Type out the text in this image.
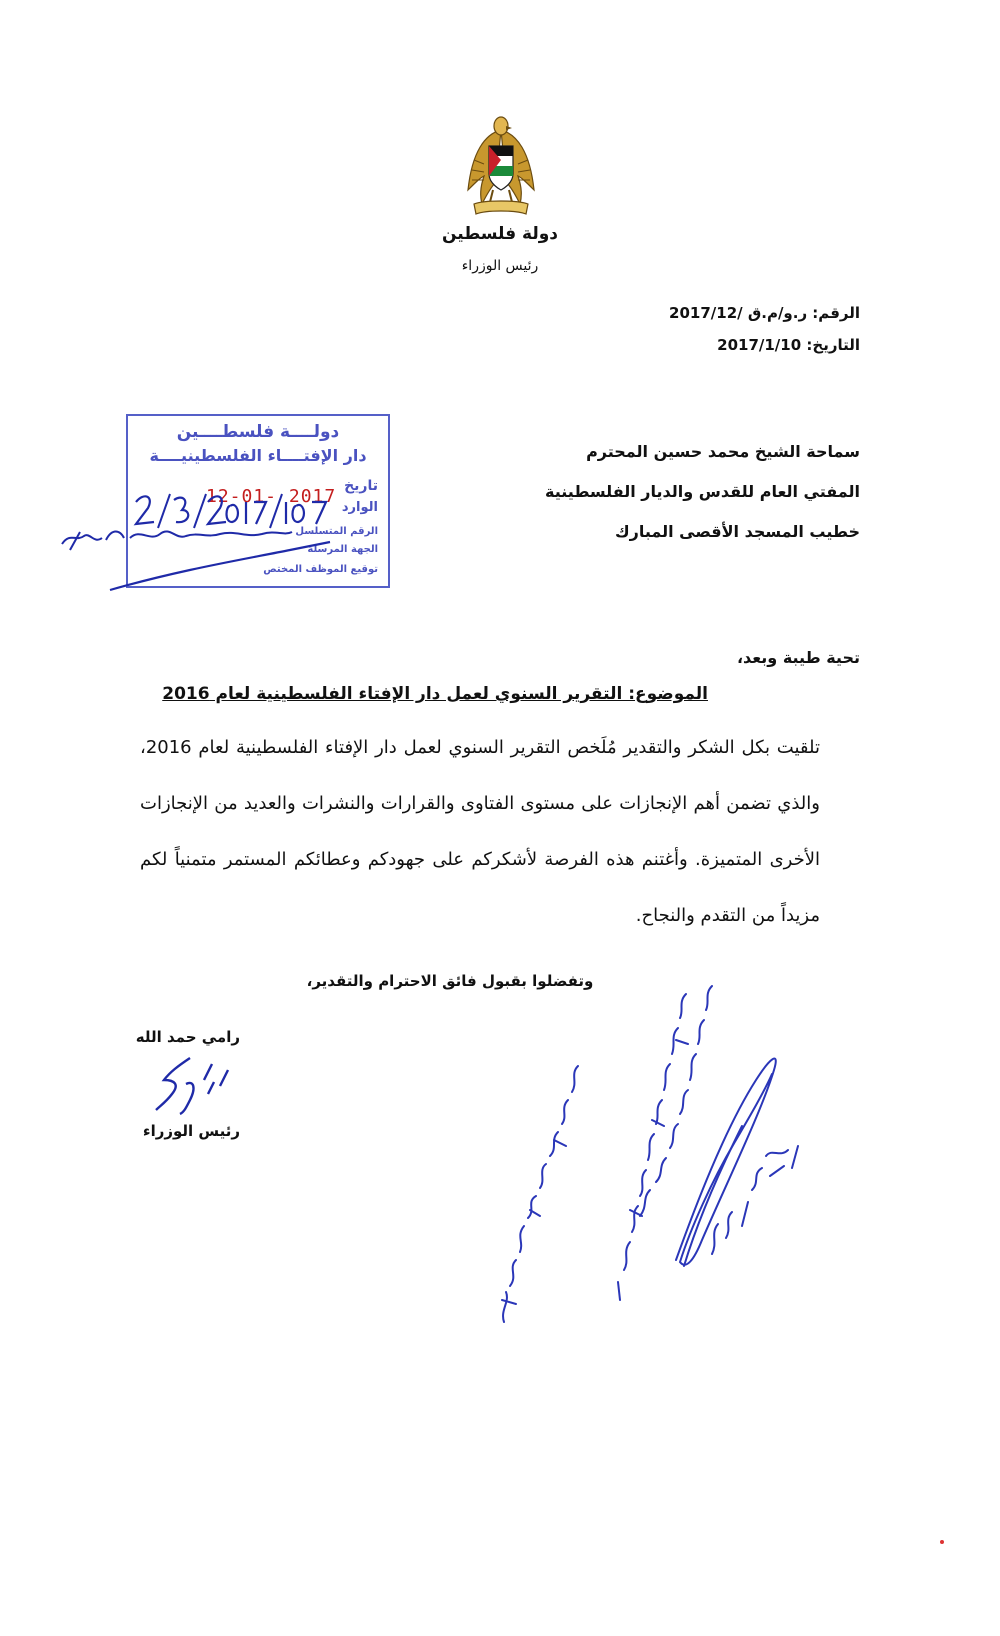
دولة فلسطين
رئيس الوزراء
الرقم: ر.و/م.ق /2017/12
التاريخ: 2017/1/10
سماحة الشيخ محمد حسين المحترم
المفتي العام للقدس والديار الفلسطينية
خطيب المسجد الأقصى المبارك
دولــــة فلسطــــين
دار الإفتــــاء الفلسطينيــــة
تاريخ
الوارد
الرقم المتسلسل
الجهة المرسلة
توقيع الموظف المختص
12-01- 2017
تحية طيبة وبعد،
الموضوع: التقرير السنوي لعمل دار الإفتاء الفلسطينية لعام 2016
تلقيت بكل الشكر والتقدير مُلَخص التقرير السنوي لعمل دار الإفتاء الفلسطينية لعام 2016، والذي تضمن أهم الإنجازات على مستوى الفتاوى والقرارات والنشرات والعديد من الإنجازات الأخرى المتميزة. وأغتنم هذه الفرصة لأشكركم على جهودكم وعطائكم المستمر متمنياً لكم مزيداً من التقدم والنجاح.
وتفضلوا بقبول فائق الاحترام والتقدير،
رامي حمد الله
رئيس الوزراء
